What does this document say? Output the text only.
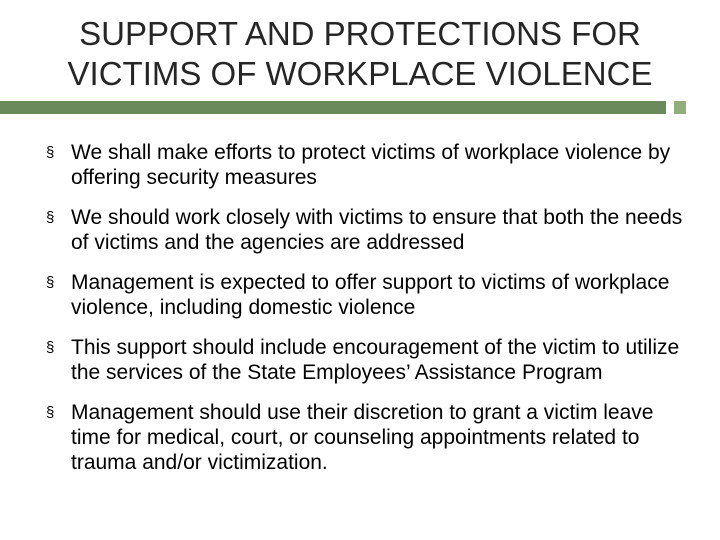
SUPPORT AND PROTECTIONS FOR
VICTIMS OF WORKPLACE VIOLENCE
§ We shall make efforts to protect victims of workplace violence by offering security measures
§ We should work closely with victims to ensure that both the needs of victims and the agencies are addressed
§ Management is expected to offer support to victims of workplace violence, including domestic violence
§ This support should include encouragement of the victim to utilize the services of the State Employees’ Assistance Program
§ Management should use their discretion to grant a victim leave time for medical, court, or counseling appointments related to trauma and/or victimization.
